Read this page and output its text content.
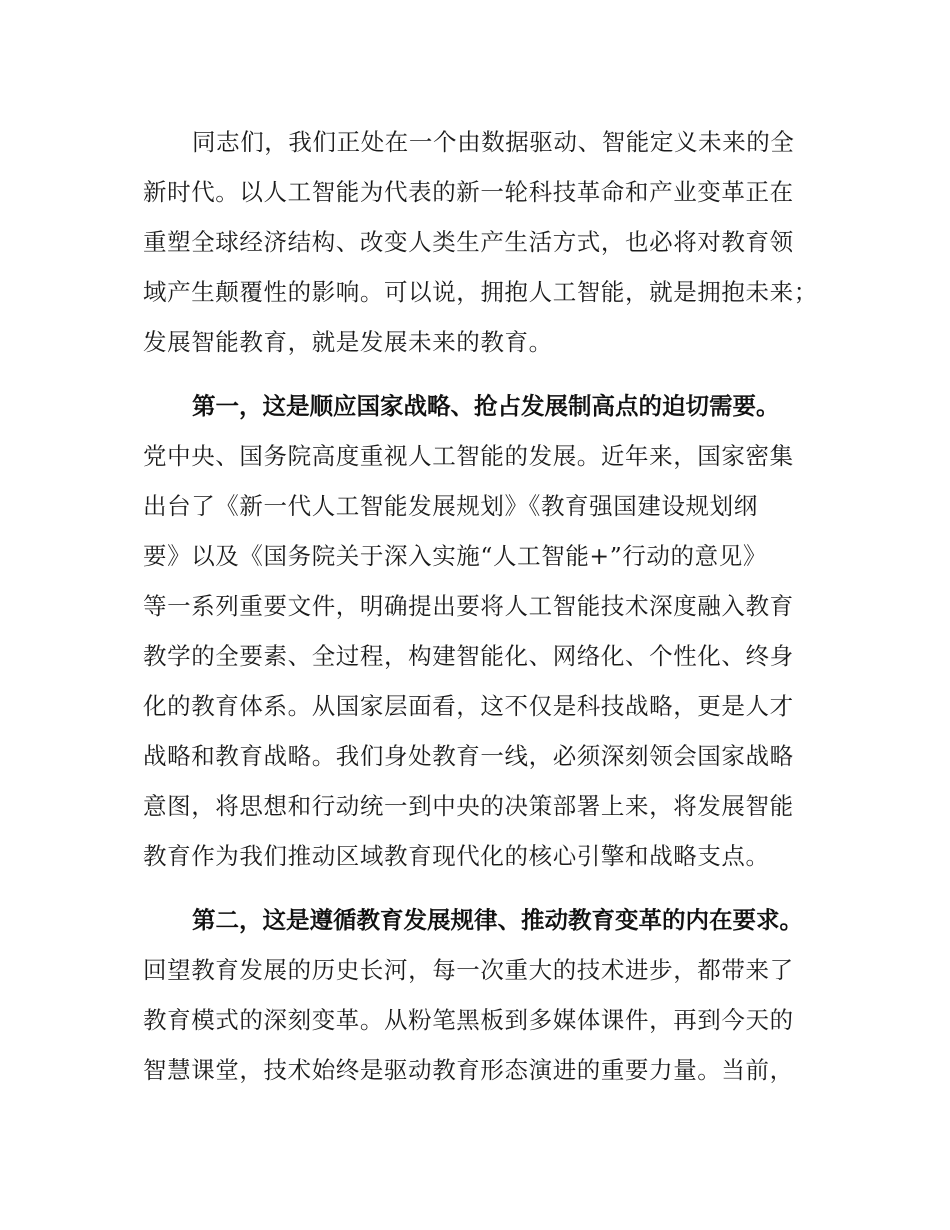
同志们，我们正处在一个由数据驱动、智能定义未来的全
新时代。以人工智能为代表的新一轮科技革命和产业变革正在
重塑全球经济结构、改变人类生产生活方式，也必将对教育领
域产生颠覆性的影响。可以说，拥抱人工智能，就是拥抱未来；
发展智能教育，就是发展未来的教育。
第一，这是顺应国家战略、抢占发展制高点的迫切需要。
党中央、国务院高度重视人工智能的发展。近年来，国家密集
出台了《新一代人工智能发展规划》《教育强国建设规划纲
要》以及《国务院关于深入实施“人工智能+”行动的意见》
等一系列重要文件，明确提出要将人工智能技术深度融入教育
教学的全要素、全过程，构建智能化、网络化、个性化、终身
化的教育体系。从国家层面看，这不仅是科技战略，更是人才
战略和教育战略。我们身处教育一线，必须深刻领会国家战略
意图，将思想和行动统一到中央的决策部署上来，将发展智能
教育作为我们推动区域教育现代化的核心引擎和战略支点。
第二，这是遵循教育发展规律、推动教育变革的内在要求。
回望教育发展的历史长河，每一次重大的技术进步，都带来了
教育模式的深刻变革。从粉笔黑板到多媒体课件，再到今天的
智慧课堂，技术始终是驱动教育形态演进的重要力量。当前，
